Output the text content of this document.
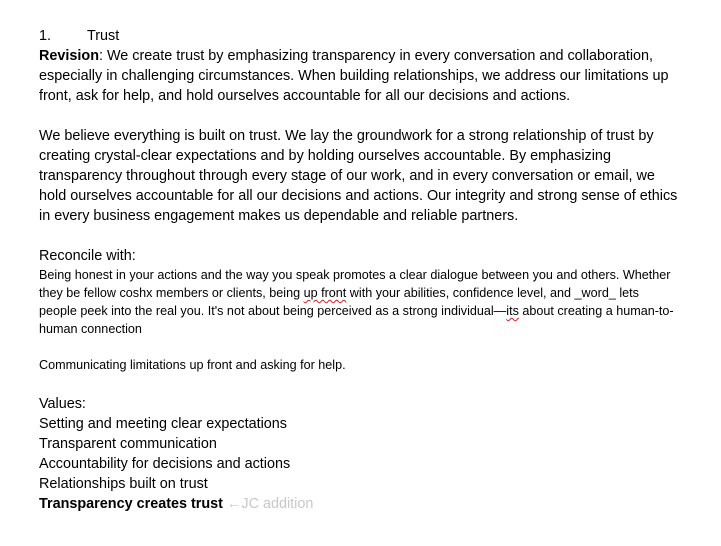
1. Trust

Revision: We create trust by emphasizing transparency in every conversation and collaboration, especially in challenging circumstances. When building relationships, we address our limitations up front, ask for help, and hold ourselves accountable for all our decisions and actions.

We believe everything is built on trust. We lay the groundwork for a strong relationship of trust by creating crystal-clear expectations and by holding ourselves accountable. By emphasizing transparency throughout through every stage of our work, and in every conversation or email, we hold ourselves accountable for all our decisions and actions. Our integrity and strong sense of ethics in every business engagement makes us dependable and reliable partners.

Reconcile with:

Being honest in your actions and the way you speak promotes a clear dialogue between you and others. Whether they be fellow coshx members or clients, being up front with your abilities, confidence level, and _word_ lets people peek into the real you. It's not about being perceived as a strong individual—its about creating a human-to-human connection

Communicating limitations up front and asking for help.

Values:

Setting and meeting clear expectations
Transparent communication
Accountability for decisions and actions
Relationships built on trust
Transparency creates trust ←JC addition
